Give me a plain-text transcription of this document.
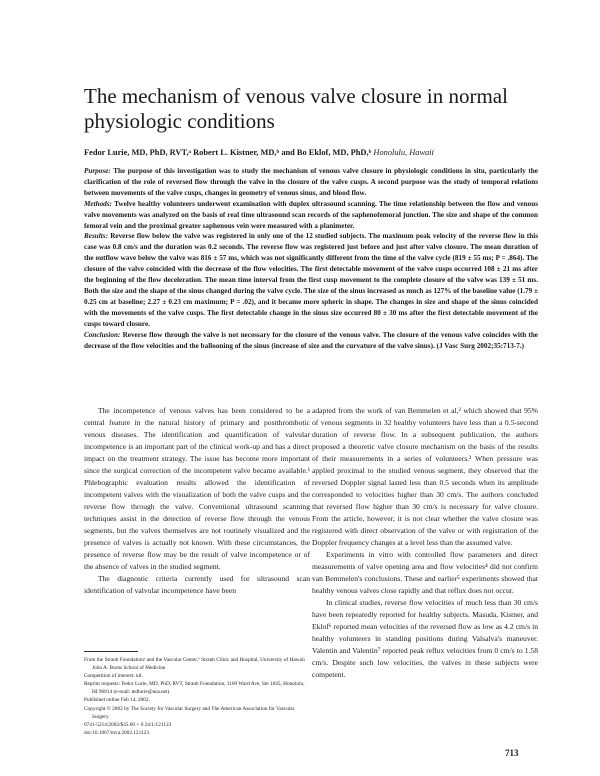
The mechanism of venous valve closure in normal physiologic conditions
Fedor Lurie, MD, PhD, RVT,ᵃ Robert L. Kistner, MD,ᵇ and Bo Eklof, MD, PhD,ᵇ Honolulu, Hawaii

Purpose: The purpose of this investigation was to study the mechanism of venous valve closure in physiologic conditions in situ, particularly the clarification of the role of reversed flow through the valve in the closure of the valve cusps. A second purpose was the study of temporal relations between movements of the valve cusps, changes in geometry of venous sinus, and blood flow.

Methods: Twelve healthy volunteers underwent examination with duplex ultrasound scanning. The time relationship between the flow and venous valve movements was analyzed on the basis of real time ultrasound scan records of the saphenofemoral junction. The size and shape of the common femoral vein and the proximal greater saphenous vein were measured with a planimeter.

Results: Reverse flow below the valve was registered in only one of the 12 studied subjects. The maximum peak velocity of the reverse flow in this case was 0.8 cm/s and the duration was 0.2 seconds. The reverse flow was registered just before and just after valve closure. The mean duration of the outflow wave below the valve was 816 ± 57 ms, which was not significantly different from the time of the valve cycle (819 ± 55 ms; P = .864). The closure of the valve coincided with the decrease of the flow velocities. The first detectable movement of the valve cusps occurred 108 ± 21 ms after the beginning of the flow deceleration. The mean time interval from the first cusp movement to the complete closure of the valve was 139 ± 51 ms. Both the size and the shape of the sinus changed during the valve cycle. The size of the sinus increased as much as 127% of the baseline value (1.79 ± 0.25 cm at baseline; 2.27 ± 0.23 cm maximum; P = .02), and it became more spheric in shape. The changes in size and shape of the sinus coincided with the movements of the valve cusps. The first detectable change in the sinus size occurred 80 ± 30 ms after the first detectable movement of the cusps toward closure.

Conclusion: Reverse flow through the valve is not necessary for the closure of the venous valve. The closure of the venous valve coincides with the decrease of the flow velocities and the ballooning of the sinus (increase of size and the curvature of the valve sinus). (J Vasc Surg 2002;35:713-7.)

The incompetence of venous valves has been considered to be a central feature in the natural history of primary and postthrombotic venous diseases. The identification and quantification of valvular incompetence is an important part of the clinical work-up and has a direct impact on the treatment strategy. The issue has become more important since the surgical correction of the incompetent valve became available.¹ Phlebographic evaluation results allowed the identification of incompetent valves with the visualization of both the valve cusps and the reverse flow through the valve. Conventional ultrasound scanning techniques assist in the detection of reverse flow through the venous segments, but the valves themselves are not routinely visualized and the presence of valves is actually not known. With these circumstances, the presence of reverse flow may be the result of valve incompetence or of the absence of valves in the studied segment.

The diagnostic criteria currently used for ultrasound scan identification of valvular incompetence have been

adapted from the work of van Bemmelen et al,² which showed that 95% of venous segments in 32 healthy volunteers have less than a 0.5-second duration of reverse flow. In a subsequent publication, the authors proposed a theoretic valve closure mechanism on the basis of the results of their measurements in a series of volunteers.³ When pressure was applied proximal to the studied venous segment, they observed that the reversed Doppler signal lasted less than 0.5 seconds when its amplitude corresponded to velocities higher than 30 cm/s. The authors concluded that reversed flow higher than 30 cm/s is necessary for valve closure. From the article, however, it is not clear whether the valve closure was registered with direct observation of the valve or with registration of the Doppler frequency changes at a level less than the assumed valve.

Experiments in vitro with controlled flow parameters and direct measurements of valve opening area and flow velocities⁴ did not confirm van Bemmelen's conclusions. These and earlier⁵ experiments showed that healthy venous valves close rapidly and that reflux does not occur.

In clinical studies, reverse flow velocities of much less than 30 cm/s have been repeatedly reported for healthy subjects. Masuda, Kistner, and Eklof⁶ reported mean velocities of the reversed flow as low as 4.2 cm/s in healthy volunteers in standing positions during Valsalva's maneuver. Valentin and Valentin⁷ reported peak reflux velocities from 0 cm/s to 1.58 cm/s. Despite such low velocities, the valves in these subjects were competent.

From the Straub Foundationᵃ and the Vascular Center,ᵇ Straub Clinic and Hospital, University of Hawaii John A. Burns School of Medicine.

Competition of interest: nil.

Reprint requests: Fedor Lurie, MD, PhD, RVT, Straub Foundation, 1100 Ward Ave, Ste 1045, Honolulu, HI 96814 (e-mail: tedlurie@usa.net).

Published online Feb 14, 2002.

Copyright © 2002 by The Society for Vascular Surgery and The American Association for Vascular Surgery.

0741-5214/2002/$35.00 + 0 24/1/121123

doi:10.1067/mva.2002.121123

713
